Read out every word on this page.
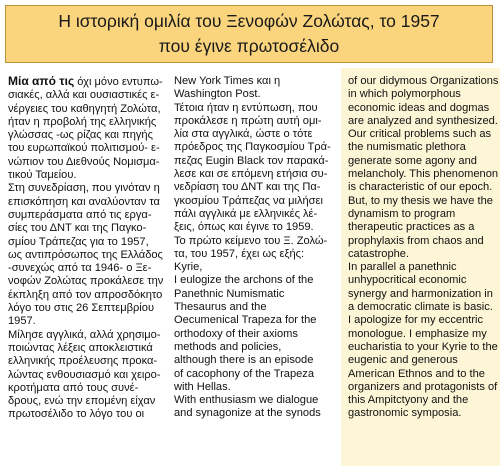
Η ιστορική ομιλία του Ξενοφών Ζολώτας, το 1957
που έγινε πρωτοσέλιδο
Μία από τις όχι μόνο εντυπω-
σιακές, αλλά και ουσιαστικές ε-
νέργειες του καθηγητή Ζολώτα,
ήταν η προβολή της ελληνικής
γλώσσας -ως ρίζας και πηγής
του ευρωπαϊκού πολιτισμού- ε-
νώπιον του Διεθνούς Νομισμα-
τικού Ταμείου.
Στη συνεδρίαση, που γινόταν η
επισκόπηση και αναλύονταν τα
συμπεράσματα από τις εργα-
σίες του ΔΝΤ και της Παγκο-
σμίου Τράπεζας για το 1957,
ως αντιπρόσωπος της Ελλάδος
-συνεχώς από τα 1946- ο Ξε-
νοφών Ζολώτας προκάλεσε την
έκπληξη από τον απροσδόκητο
λόγο του στις 26 Σεπτεμβρίου
1957.
Μίλησε αγγλικά, αλλά χρησιμο-
ποιώντας λέξεις αποκλειστικά
ελληνικής προέλευσης προκα-
λώντας ενθουσιασμό και χειρο-
κροτήματα από τους συνέ-
δρους, ενώ την επομένη είχαν
πρωτοσέλιδο το λόγο του οι
New York Times και η
Washington Post.
Τέτοια ήταν η εντύπωση, που
προκάλεσε η πρώτη αυτή ομι-
λία στα αγγλικά, ώστε ο τότε
πρόεδρος της Παγκοσμίου Τρά-
πεζας Eugin Black τον παρακά-
λεσε και σε επόμενη ετήσια συ-
νεδρίαση του ΔΝΤ και της Πα-
γκοσμίου Τράπεζας να μιλήσει
πάλι αγγλικά με ελληνικές λέ-
ξεις, όπως και έγινε το 1959.
Το πρώτο κείμενο του Ξ. Ζολώ-
τα, του 1957, έχει ως εξής:
Kyrie,
I eulogize the archons of the
Panethnic Numismatic
Thesaurus and the
Oecumenical Trapeza for the
orthodoxy of their axioms
methods and policies,
although there is an episode
of cacophony of the Trapeza
with Hellas.
With enthusiasm we dialogue
and synagonize at the synods
of our didymous Organizations
in which polymorphous
economic ideas and dogmas
are analyzed and synthesized.
Our critical problems such as
the numismatic plethora
generate some agony and
melancholy. This phenomenon
is characteristic of our epoch.
But, to my thesis we have the
dynamism to program
therapeutic practices as a
prophylaxis from chaos and
catastrophe.
In parallel a panethnic
unhypocritical economic
synergy and harmonization in
a democratic climate is basic.
I apologize for my eccentric
monologue. I emphasize my
eucharistia to your Kyrie to the
eugenic and generous
American Ethnos and to the
organizers and protagonists of
this Ampitctyony and the
gastronomic symposia.
